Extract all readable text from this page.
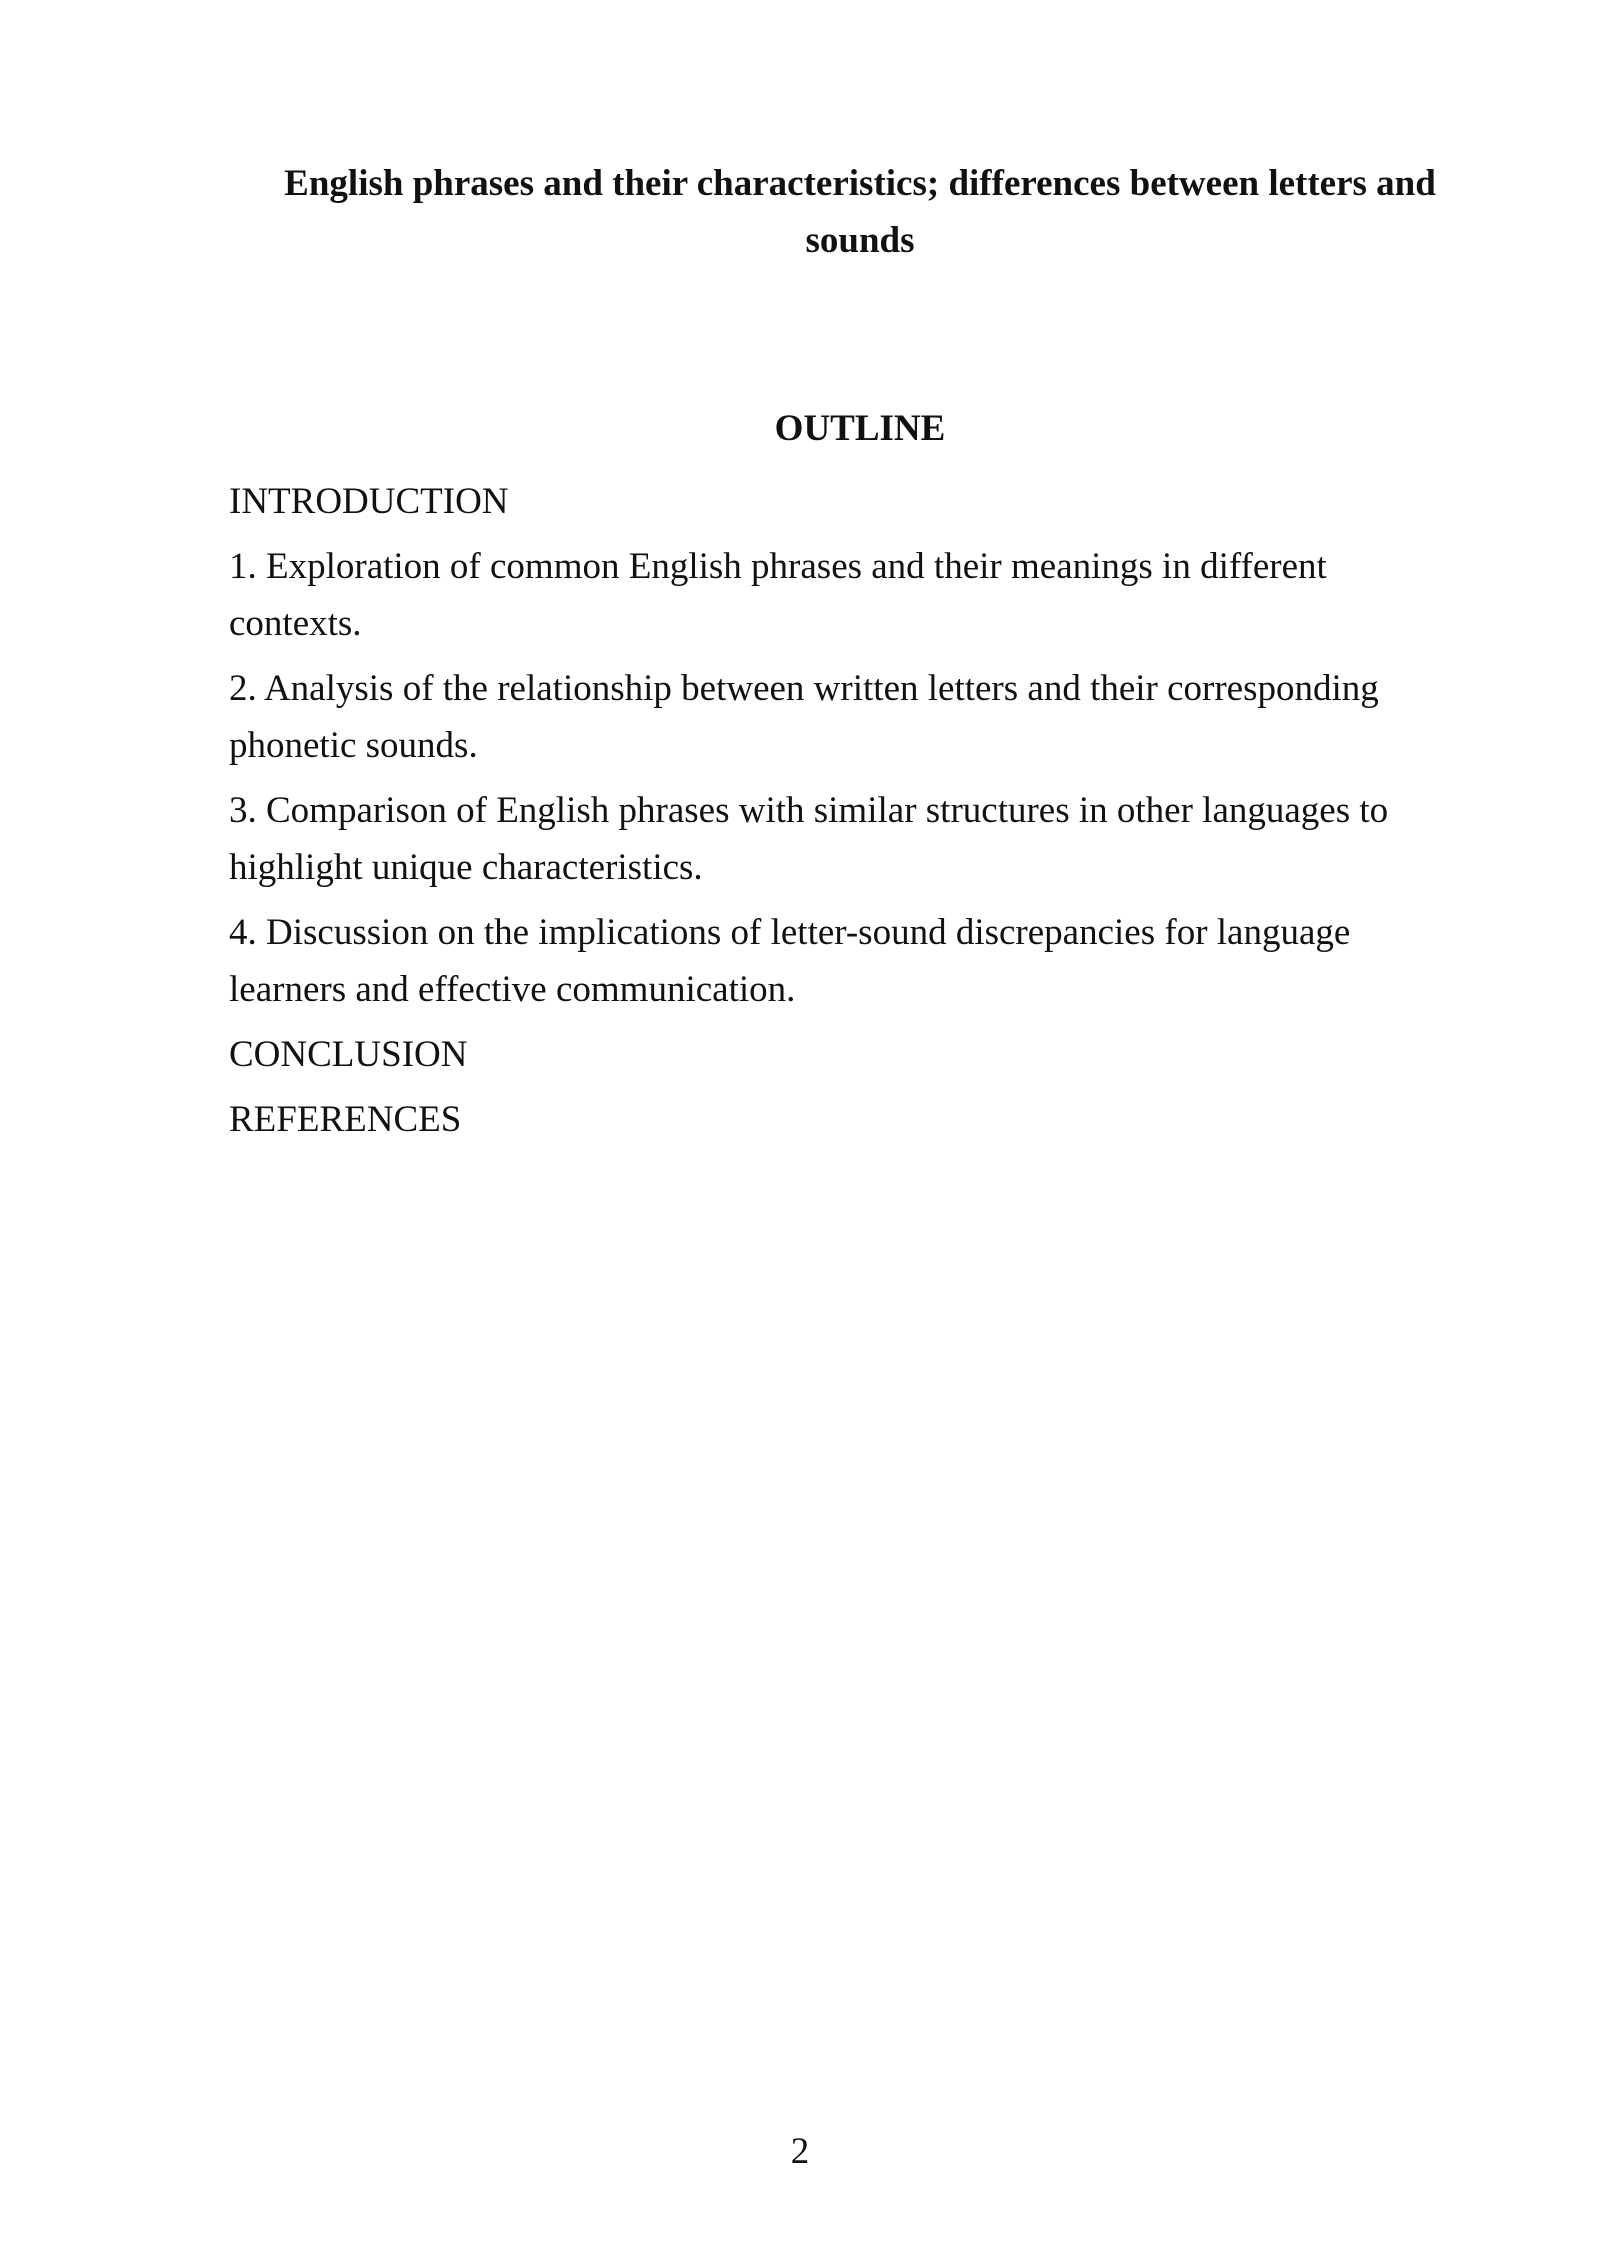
English phrases and their characteristics; differences between letters and sounds
OUTLINE

INTRODUCTION

1. Exploration of common English phrases and their meanings in different contexts.

2. Analysis of the relationship between written letters and their corresponding phonetic sounds.

3. Comparison of English phrases with similar structures in other languages to highlight unique characteristics.

4. Discussion on the implications of letter-sound discrepancies for language learners and effective communication.

CONCLUSION

REFERENCES

2
